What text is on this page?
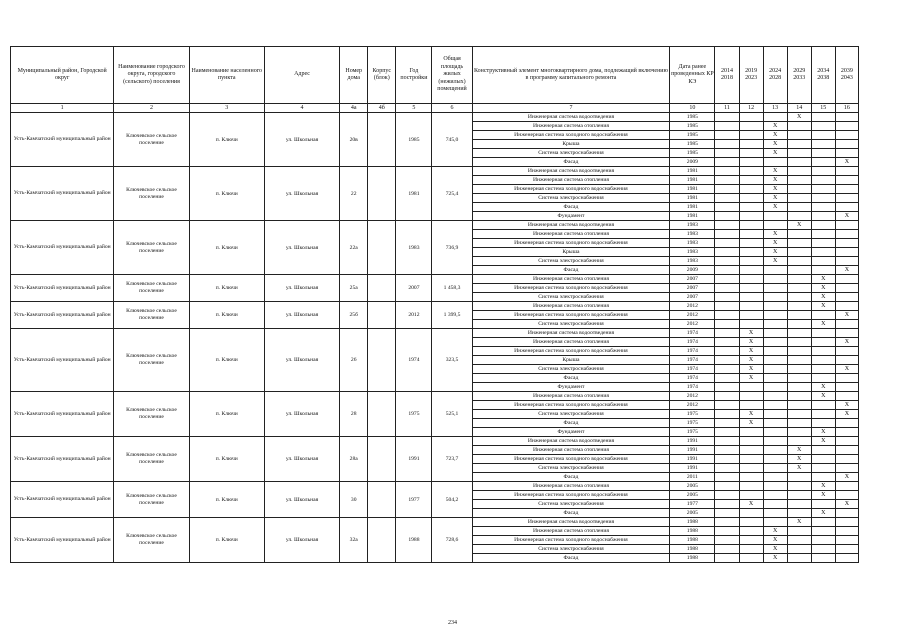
Муниципальный район, Городской округ	Наименование городского округа, городского (сельского) поселения	Наименование населенного пункта	Адрес	Номер дома	Корпус (блок)	Год постройки	Общая площадь жилых (нежилых) помещений	Конструктивный элемент многоквартирного дома, подлежащий включению в программу капитального ремонта	Дата ранее проведенных КР КЭ	2014 2018	2019 2023	2024 2028	2029 2033	2034 2038	2039 2043
1	2	3	4	4а	4б	5	6	7	10	11	12	13	14	15	16
Усть-Камчатский муниципальный район	Ключевское сельское поселение	п. Ключи	ул. Школьная	20в		1985	745,0	Инженерная система водоотведения	1985				X		
								Инженерная система отопления	1985			X			
								Инженерная система холодного водоснабжения	1985			X			
								Крыша	1985			X			
								Система электроснабжения	1985			X			
								Фасад	2009						X
Усть-Камчатский муниципальный район	Ключевское сельское поселение	п. Ключи	ул. Школьная	22		1981	725,4	Инженерная система водоотведения	1981			X			
								Инженерная система отопления	1981			X			
								Инженерная система холодного водоснабжения	1981			X			
								Система электроснабжения	1981			X			
								Фасад	1981			X			
								Фундамент	1981						X
Усть-Камчатский муниципальный район	Ключевское сельское поселение	п. Ключи	ул. Школьная	22а		1983	736,9	Инженерная система водоотведения	1983				X		
								Инженерная система отопления	1983			X			
								Инженерная система холодного водоснабжения	1983			X			
								Крыша	1983			X			
								Система электроснабжения	1983			X			
								Фасад	2009						X
Усть-Камчатский муниципальный район	Ключевское сельское поселение	п. Ключи	ул. Школьная	25а		2007	1 458,3	Инженерная система отопления	2007					X	
								Инженерная система холодного водоснабжения	2007					X	
								Система электроснабжения	2007					X	
Усть-Камчатский муниципальный район	Ключевское сельское поселение	п. Ключи	ул. Школьная	25б		2012	1 399,5	Инженерная система отопления	2012					X	
								Инженерная система холодного водоснабжения	2012						X
								Система электроснабжения	2012					X	
Усть-Камчатский муниципальный район	Ключевское сельское поселение	п. Ключи	ул. Школьная	26		1974	323,5	Инженерная система водоотведения	1974		X				
								Инженерная система отопления	1974		X				X
								Инженерная система холодного водоснабжения	1974		X				
								Крыша	1974		X				
								Система электроснабжения	1974		X				X
								Фасад	1974		X				
								Фундамент	1974					X	
Усть-Камчатский муниципальный район	Ключевское сельское поселение	п. Ключи	ул. Школьная	28		1975	525,1	Инженерная система отопления	2012					X	
								Инженерная система холодного водоснабжения	2012						X
								Система электроснабжения	1975		X				X
								Фасад	1975		X				
								Фундамент	1975					X	
Усть-Камчатский муниципальный район	Ключевское сельское поселение	п. Ключи	ул. Школьная	28а		1991	723,7	Инженерная система водоотведения	1991					X	
								Инженерная система отопления	1991				X		
								Инженерная система холодного водоснабжения	1991				X		
								Система электроснабжения	1991				X		
								Фасад	2011						X
Усть-Камчатский муниципальный район	Ключевское сельское поселение	п. Ключи	ул. Школьная	30		1977	504,2	Инженерная система отопления	2005					X	
								Инженерная система холодного водоснабжения	2005					X	
								Система электроснабжения	1977		X				X
								Фасад	2005					X	
Усть-Камчатский муниципальный район	Ключевское сельское поселение	п. Ключи	ул. Школьная	32а		1988	728,6	Инженерная система водоотведения	1988				X		
								Инженерная система отопления	1988			X			
								Инженерная система холодного водоснабжения	1988			X			
								Система электроснабжения	1988			X			
								Фасад	1988			X			
234
